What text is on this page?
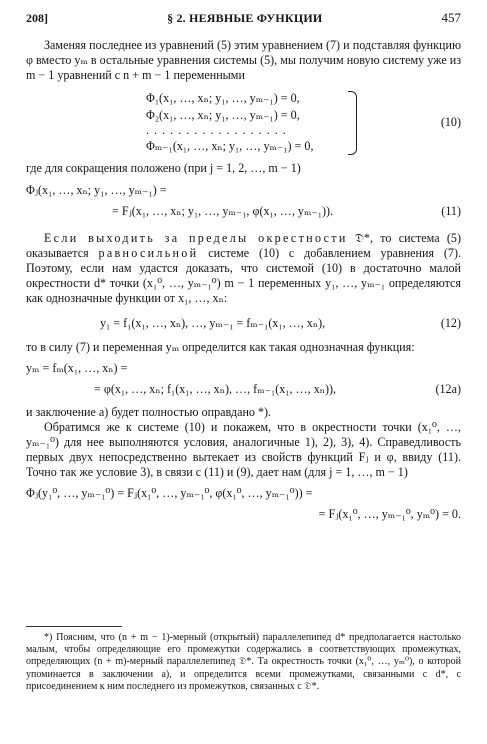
208]	§ 2. НЕЯВНЫЕ ФУНКЦИИ	457

Заменяя последнее из уравнений (5) этим уравнением (7) и подставляя функцию φ вместо yₘ в остальные уравнения системы (5), мы получим новую систему уже из m − 1 уравнений с n + m − 1 переменными

Φ₁(x₁, …, xₙ; y₁, …, yₘ₋₁) = 0,
Φ₂(x₁, …, xₙ; y₁, …, yₘ₋₁) = 0,
. . . . . . . . . . . . . . . . . .
Φₘ₋₁(x₁, …, xₙ; y₁, …, yₘ₋₁) = 0,
(10)

где для сокращения положено (при j = 1, 2, …, m − 1)

Φⱼ(x₁, …, xₙ; y₁, …, yₘ₋₁) =
= Fⱼ(x₁, …, xₙ; y₁, …, yₘ₋₁, φ(x₁, …, yₘ₋₁)).	(11)

Если выходить за пределы окрестности 𝔇*, то система (5) оказывается равносильной системе (10) с добавлением уравнения (7). Поэтому, если нам удастся доказать, что системой (10) в достаточно малой окрестности d* точки (x₁⁰, …, yₘ₋₁⁰) m − 1 переменных y₁, …, yₘ₋₁ определяются как однозначные функции от x₁, …, xₙ:

y₁ = f₁(x₁, …, xₙ), …, yₘ₋₁ = fₘ₋₁(x₁, …, xₙ),	(12)

то в силу (7) и переменная yₘ определится как такая однозначная функция:

yₘ = fₘ(x₁, …, xₙ) =
= φ(x₁, …, xₙ; f₁(x₁, …, xₙ), …, fₘ₋₁(x₁, …, xₙ)),	(12a)

и заключение а) будет полностью оправдано *).

Обратимся же к системе (10) и покажем, что в окрестности точки (x₁⁰, …, yₘ₋₁⁰) для нее выполняются условия, аналогичные 1), 2), 3), 4). Справедливость первых двух непосредственно вытекает из свойств функций Fⱼ и φ, ввиду (11). Точно так же условие 3), в связи с (11) и (9), дает нам (для j = 1, …, m − 1)

Φⱼ(y₁⁰, …, yₘ₋₁⁰) = Fⱼ(x₁⁰, …, yₘ₋₁⁰, φ(x₁⁰, …, yₘ₋₁⁰)) =
= Fⱼ(x₁⁰, …, yₘ₋₁⁰, yₘ⁰) = 0.

*) Поясним, что (n + m − 1)-мерный (открытый) параллелепипед d* предполагается настолько малым, чтобы определяющие его промежутки содержались в соответствующих промежутках, определяющих (n + m)-мерный параллелепипед 𝔇*. Та окрестность точки (x₁⁰, …, yₘ⁰), о которой упоминается в заключении а), и определится всеми промежутками, связанными с d*, с присоединением к ним последнего из промежутков, связанных с 𝔇*.
